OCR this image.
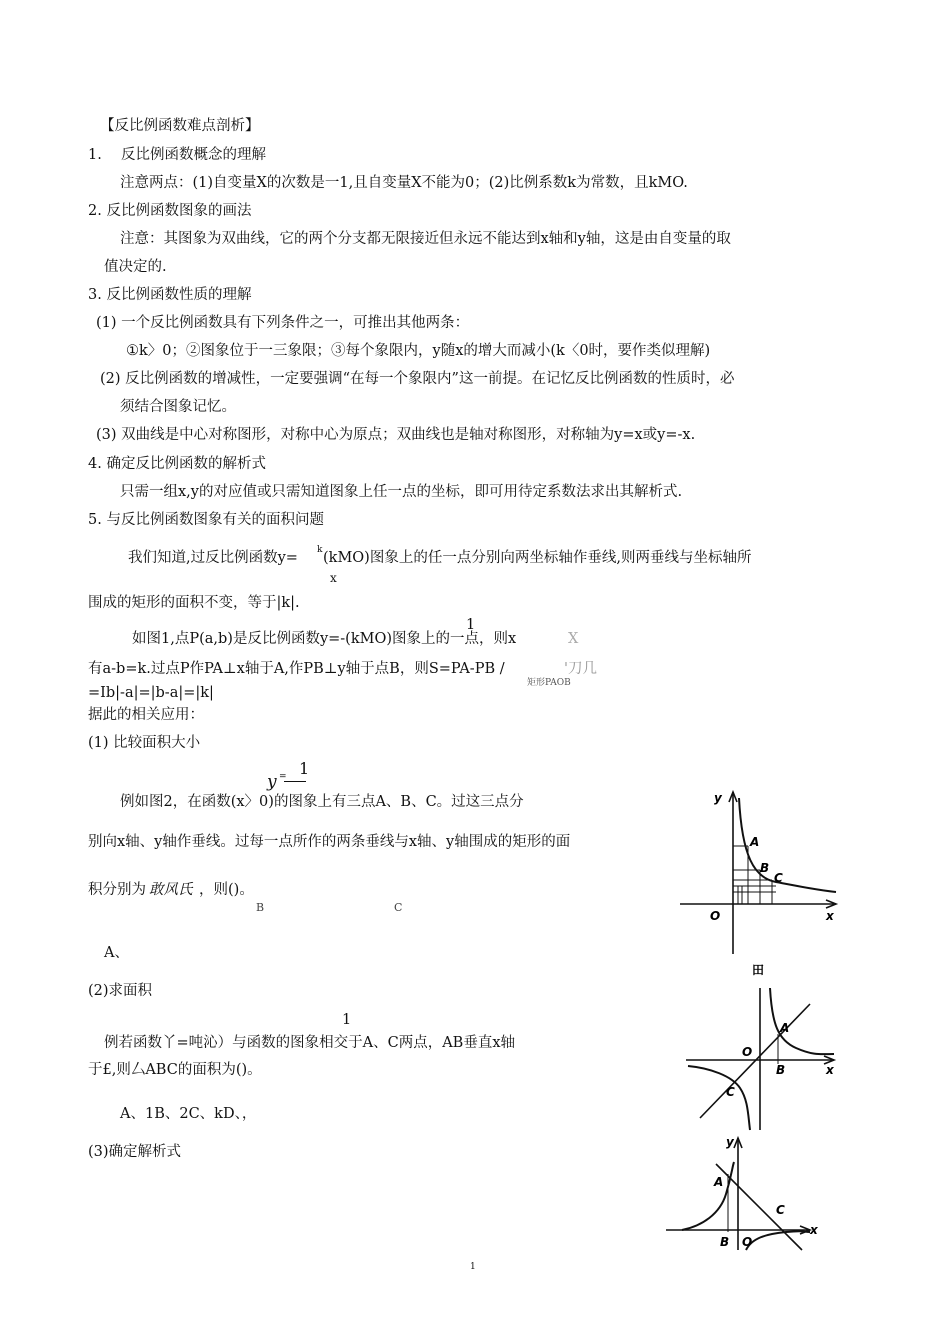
【反比例函数难点剖析】
1.　 反比例函数概念的理解
注意两点：(1)自变量X的次数是一1,且自变量X不能为0；(2)比例系数k为常数，且kMO.
2. 反比例函数图象的画法
注意：其图象为双曲线，它的两个分支都无限接近但永远不能达到x轴和y轴，这是由自变量的取
值决定的.
3. 反比例函数性质的理解
(1) 一个反比例函数具有下列条件之一，可推出其他两条：
①k〉0；②图象位于一三象限；③每个象限内，y随x的增大而减小(k〈0时，要作类似理解)
(2) 反比例函数的增减性，一定要强调“在每一个象限内”这一前提。在记忆反比例函数的性质时，必
须结合图象记忆。
(3) 双曲线是中心对称图形，对称中心为原点；双曲线也是轴对称图形，对称轴为y=x或y=-x.
4. 确定反比例函数的解析式
只需一组x,y的对应值或只需知道图象上任一点的坐标，即可用待定系数法求出其解析式.
5. 与反比例函数图象有关的面积问题
我们知道,过反比例函数y= k (kMO)图象上的任一点分别向两坐标轴作垂线,则两垂线与坐标轴所
x
围成的矩形的面积不变，等于|k|.
1
如图1,点P(a,b)是反比例函数y=-(kMO)图象上的一点，则x	X
有a-b=k.过点P作PA⊥x轴于A,作PB⊥y轴于点B，则S=PA-PB /	'刀几
矩形PAOB
=Ib|-a|=|b-a|=|k|
据此的相关应用：
(1) 比较面积大小
y = 1
例如图2，在函数(x〉0)的图象上有三点A、B、C。过这三点分
别向x轴、y轴作垂线。过每一点所作的两条垂线与x轴、y轴围成的矩形的面
积分别为 敢风氏 ，则()。
B	C
A、
(2)求面积
1
例若函数丫=吨沁）与函数的图象相交于A、C两点，AB垂直x轴
于£,则厶ABC的面积为()。
A、1B、2C、kD、，
(3)确定解析式
y
x
O
A
B
C
田
A
O
B
C
x
y
x
A
B O
C
1
